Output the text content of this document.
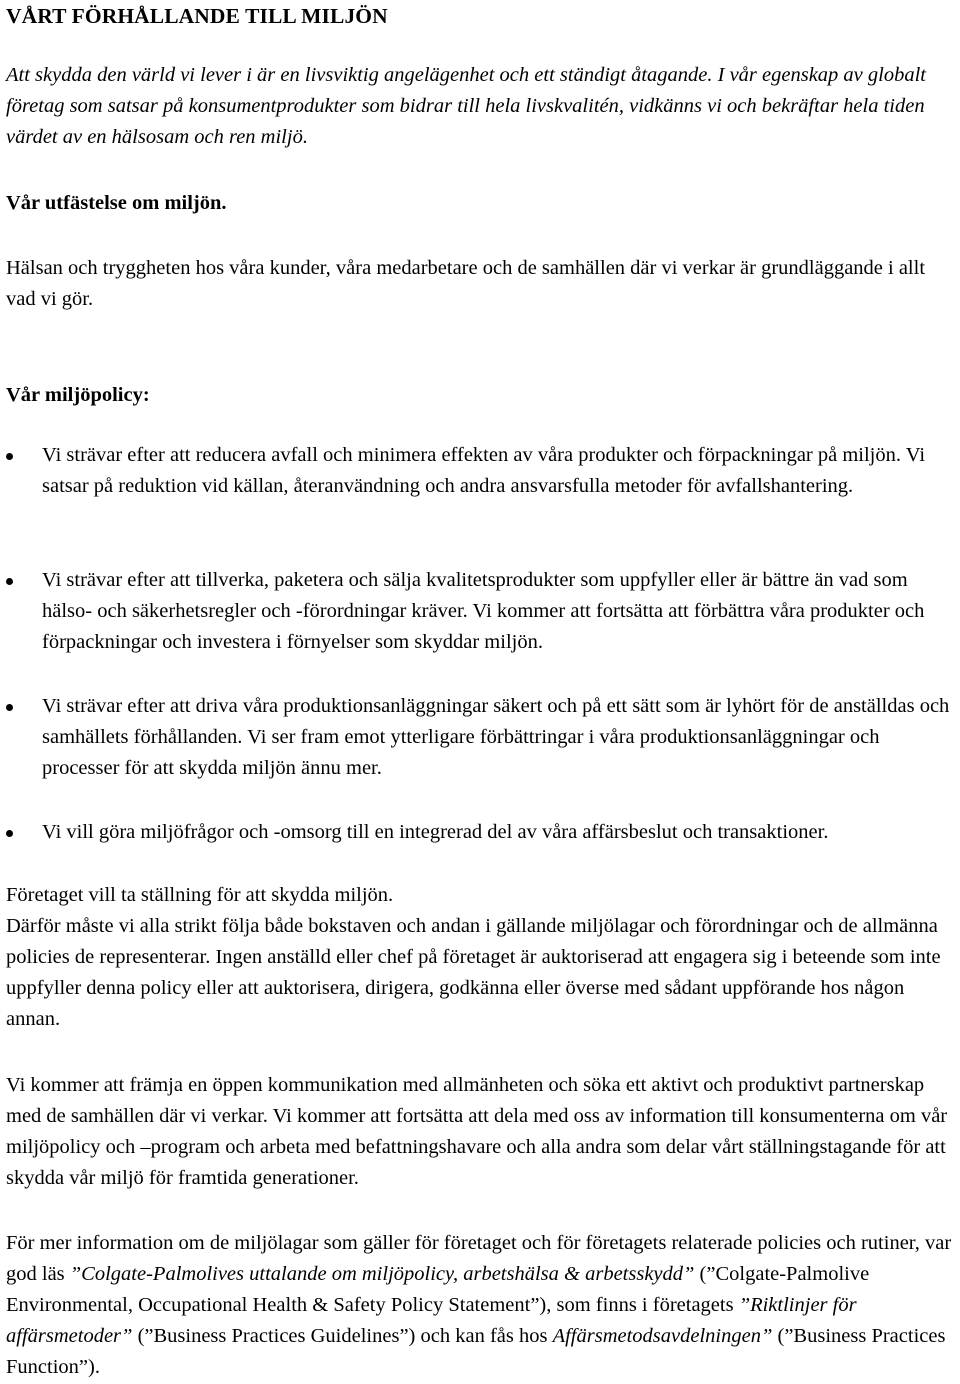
VÅRT FÖRHÅLLANDE TILL MILJÖN

Att skydda den värld vi lever i är en livsviktig angelägenhet och ett ständigt åtagande. I vår egenskap av globalt företag som satsar på konsumentprodukter som bidrar till hela livskvalitén, vidkänns vi och bekräftar hela tiden värdet av en hälsosam och ren miljö.

Vår utfästelse om miljön.

Hälsan och tryggheten hos våra kunder, våra medarbetare och de samhällen där vi verkar är grundläggande i allt vad vi gör.

Vår miljöpolicy:
Vi strävar efter att reducera avfall och minimera effekten av våra produkter och förpackningar på miljön. Vi satsar på reduktion vid källan, återanvändning och andra ansvarsfulla metoder för avfallshantering.
Vi strävar efter att tillverka, paketera och sälja kvalitetsprodukter som uppfyller eller är bättre än vad som hälso- och säkerhetsregler och -förordningar kräver. Vi kommer att fortsätta att förbättra våra produkter och förpackningar och investera i förnyelser som skyddar miljön.
Vi strävar efter att driva våra produktionsanläggningar säkert och på ett sätt som är lyhört för de anställdas och samhällets förhållanden. Vi ser fram emot ytterligare förbättringar i våra produktionsanläggningar och processer för att skydda miljön ännu mer.
Vi vill göra miljöfrågor och -omsorg till en integrerad del av våra affärsbeslut och transaktioner.

Företaget vill ta ställning för att skydda miljön.

Därför måste vi alla strikt följa både bokstaven och andan i gällande miljölagar och förordningar och de allmänna policies de representerar. Ingen anställd eller chef på företaget är auktoriserad att engagera sig i beteende som inte uppfyller denna policy eller att auktorisera, dirigera, godkänna eller överse med sådant uppförande hos någon annan.

Vi kommer att främja en öppen kommunikation med allmänheten och söka ett aktivt och produktivt partnerskap med de samhällen där vi verkar. Vi kommer att fortsätta att dela med oss av information till konsumenterna om vår miljöpolicy och –program och arbeta med befattningshavare och alla andra som delar vårt ställningstagande för att skydda vår miljö för framtida generationer.

För mer information om de miljölagar som gäller för företaget och för företagets relaterade policies och rutiner, var god läs ”Colgate-Palmolives uttalande om miljöpolicy, arbetshälsa & arbetsskydd” (”Colgate-Palmolive Environmental, Occupational Health & Safety Policy Statement”), som finns i företagets ”Riktlinjer för affärsmetoder” (”Business Practices Guidelines”) och kan fås hos Affärsmetodsavdelningen” (”Business Practices Function”).
